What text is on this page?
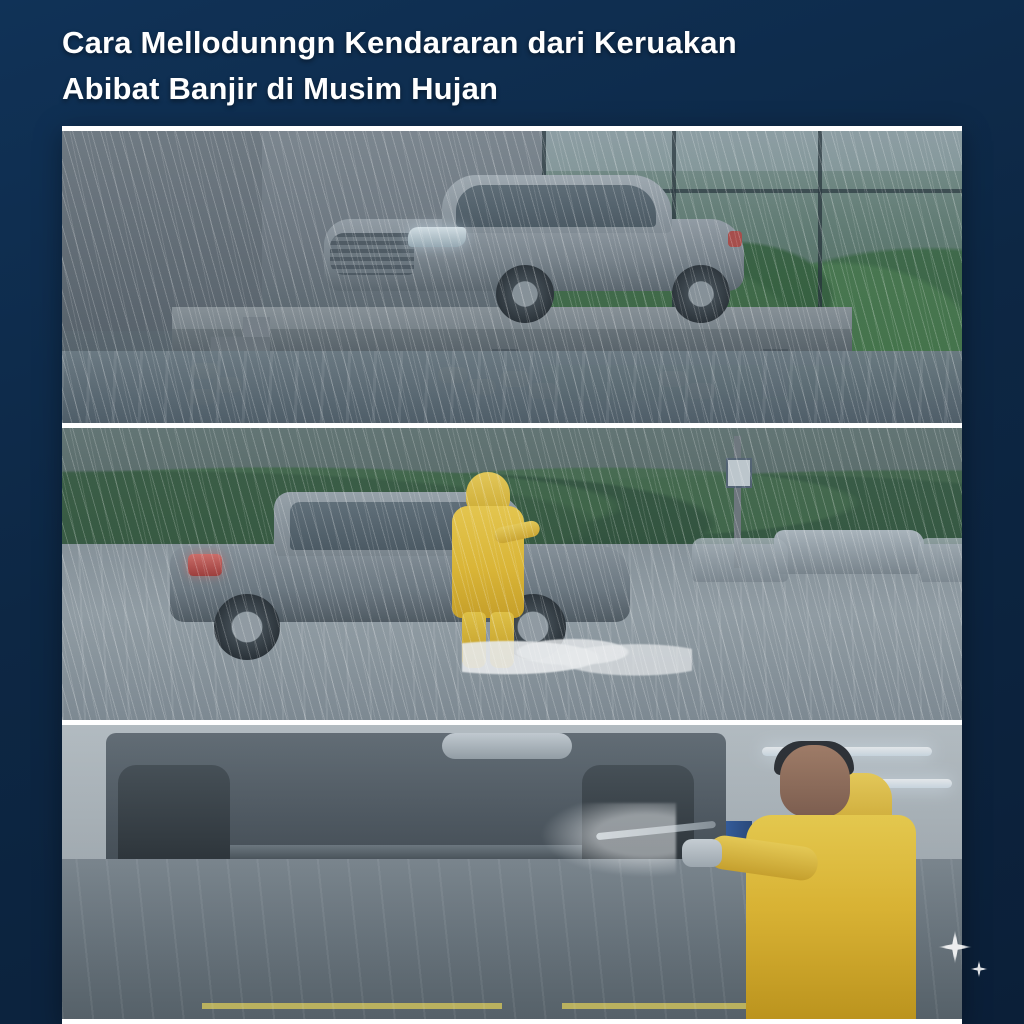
Cara Mellodunngn Kendararan dari Keruakan
Abibat Banjir di Musim Hujan
